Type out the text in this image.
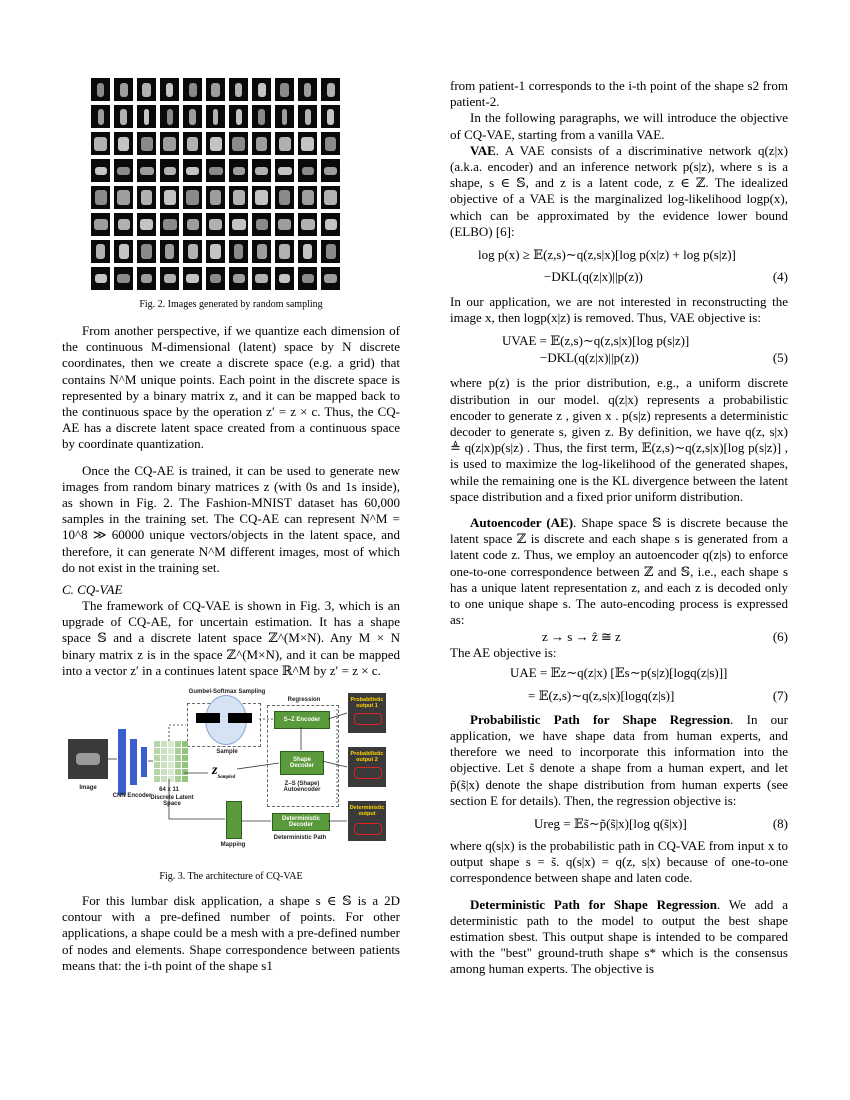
Fig. 2. Images generated by random sampling

From another perspective, if we quantize each dimension of the continuous M-dimensional (latent) space by N discrete coordinates, then we create a discrete space (e.g. a grid) that contains N^M unique points. Each point in the discrete space is represented by a binary matrix z, and it can be mapped back to the continuous space by the operation z′ = z × c. Thus, the CQ-AE has a discrete latent space created from a continuous space by coordinate quantization.

Once the CQ-AE is trained, it can be used to generate new images from random binary matrices z (with 0s and 1s inside), as shown in Fig. 2. The Fashion-MNIST dataset has 60,000 samples in the training set. The CQ-AE can represent N^M = 10^8 ≫ 60000 unique vectors/objects in the latent space, and therefore, it can generate N^M different images, most of which do not exist in the training set.

C. CQ-VAE

The framework of CQ-VAE is shown in Fig. 3, which is an upgrade of CQ-AE, for uncertain estimation. It has a shape space 𝕊 and a discrete latent space ℤ^(M×N). Any M × N binary matrix z is in the space ℤ^(M×N), and it can be mapped into a vector z′ in a continues latent space ℝ^M by z′ = z × c.

Gumbel-Softmax Sampling
Regression
Sample
S–Z Encoder
Shape Decoder
Z–S (Shape) Autoencoder
$z_{Sampled}$
Image
CNN Encoder
64 x 11
Discrete Latent Space
Mapping
Deterministic Decoder
Deterministic Path
Probabilistic output 1
Probabilistic output 2
Deterministic output

Fig. 3. The architecture of CQ-VAE

For this lumbar disk application, a shape s ∈ 𝕊 is a 2D contour with a pre-defined number of points. For other applications, a shape could be a mesh with a pre-defined number of nodes and elements. Shape correspondence between patients means that: the i-th point of the shape s1

from patient-1 corresponds to the i-th point of the shape s2 from patient-2.

In the following paragraphs, we will introduce the objective of CQ-VAE, starting from a vanilla VAE.

VAE. A VAE consists of a discriminative network q(z|x) (a.k.a. encoder) and an inference network p(s|z), where s is a shape, s ∈ 𝕊, and z is a latent code, z ∈ ℤ. The idealized objective of a VAE is the marginalized log-likelihood logp(x), which can be approximated by the evidence lower bound (ELBO) [6]:

log p(x) ≥ 𝔼(z,s)∼q(z,s|x)[log p(x|z) + log p(s|z)]
−DKL(q(z|x)||p(z))	(4)

In our application, we are not interested in reconstructing the image x, then logp(x|z) is removed. Thus, VAE objective is:

UVAE = 𝔼(z,s)∼q(z,s|x)[log p(s|z)]
−DKL(q(z|x)||p(z))	(5)

where p(z) is the prior distribution, e.g., a uniform discrete distribution in our model. q(z|x) represents a probabilistic encoder to generate z , given x . p(s|z) represents a deterministic decoder to generate s, given z. By definition, we have q(z, s|x) ≜ q(z|x)p(s|z) . Thus, the first term, 𝔼(z,s)∼q(z,s|x)[log p(s|z)] , is used to maximize the log-likelihood of the generated shapes, while the remaining one is the KL divergence between the latent space distribution and a fixed prior uniform distribution.

Autoencoder (AE). Shape space 𝕊 is discrete because the latent space ℤ is discrete and each shape s is generated from a latent code z. Thus, we employ an autoencoder q(z|s) to enforce one-to-one correspondence between ℤ and 𝕊, i.e., each shape s has a unique latent representation z, and each z is decoded only to one unique shape s. The auto-encoding process is expressed as:

z → s → ẑ ≅ z	(6)

The AE objective is:

UAE = 𝔼z∼q(z|x) [𝔼s∼p(s|z)[logq(z|s)]]
= 𝔼(z,s)∼q(z,s|x)[logq(z|s)]	(7)

Probabilistic Path for Shape Regression. In our application, we have shape data from human experts, and therefore we need to incorporate this information into the objective. Let s̃ denote a shape from a human expert, and let p̃(s̃|x) denote the shape distribution from human experts (see section E for details). Then, the regression objective is:

Ureg = 𝔼s̃∼p̃(s̃|x)[log q(s̃|x)]	(8)

where q(s|x) is the probabilistic path in CQ-VAE from input x to output shape s = s̃. q(s|x) = q(z, s|x) because of one-to-one correspondence between shape and laten code.

Deterministic Path for Shape Regression. We add a deterministic path to the model to output the best shape estimation sbest. This output shape is intended to be compared with the "best" ground-truth shape s* which is the consensus among human experts. The objective is
